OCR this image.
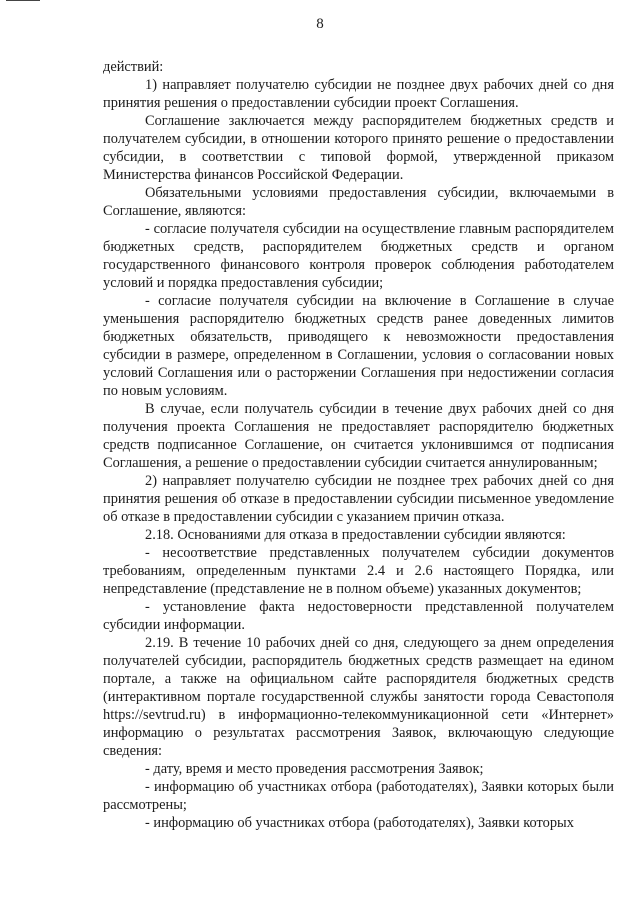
8

действий:

1) направляет получателю субсидии не позднее двух рабочих дней со дня принятия решения о предоставлении субсидии проект Соглашения.

Соглашение заключается между распорядителем бюджетных средств и получателем субсидии, в отношении которого принято решение о предоставлении субсидии, в соответствии с типовой формой, утвержденной приказом Министерства финансов Российской Федерации.

Обязательными условиями предоставления субсидии, включаемыми в Соглашение, являются:

- согласие получателя субсидии на осуществление главным распорядителем бюджетных средств, распорядителем бюджетных средств и органом государственного финансового контроля проверок соблюдения работодателем условий и порядка предоставления субсидии;

- согласие получателя субсидии на включение в Соглашение в случае уменьшения распорядителю бюджетных средств ранее доведенных лимитов бюджетных обязательств, приводящего к невозможности предоставления субсидии в размере, определенном в Соглашении, условия о согласовании новых условий Соглашения или о расторжении Соглашения при недостижении согласия по новым условиям.

В случае, если получатель субсидии в течение двух рабочих дней со дня получения проекта Соглашения не предоставляет распорядителю бюджетных средств подписанное Соглашение, он считается уклонившимся от подписания Соглашения, а решение о предоставлении субсидии считается аннулированным;

2) направляет получателю субсидии не позднее трех рабочих дней со дня принятия решения об отказе в предоставлении субсидии письменное уведомление об отказе в предоставлении субсидии с указанием причин отказа.

2.18. Основаниями для отказа в предоставлении субсидии являются:

- несоответствие представленных получателем субсидии документов требованиям, определенным пунктами 2.4 и 2.6 настоящего Порядка, или непредставление (представление не в полном объеме) указанных документов;

- установление факта недостоверности представленной получателем субсидии информации.

2.19. В течение 10 рабочих дней со дня, следующего за днем определения получателей субсидии, распорядитель бюджетных средств размещает на едином портале, а также на официальном сайте распорядителя бюджетных средств (интерактивном портале государственной службы занятости города Севастополя https://sevtrud.ru) в информационно-телекоммуникационной сети «Интернет» информацию о результатах рассмотрения Заявок, включающую следующие сведения:

- дату, время и место проведения рассмотрения Заявок;

- информацию об участниках отбора (работодателях), Заявки которых были рассмотрены;

- информацию об участниках отбора (работодателях), Заявки которых
